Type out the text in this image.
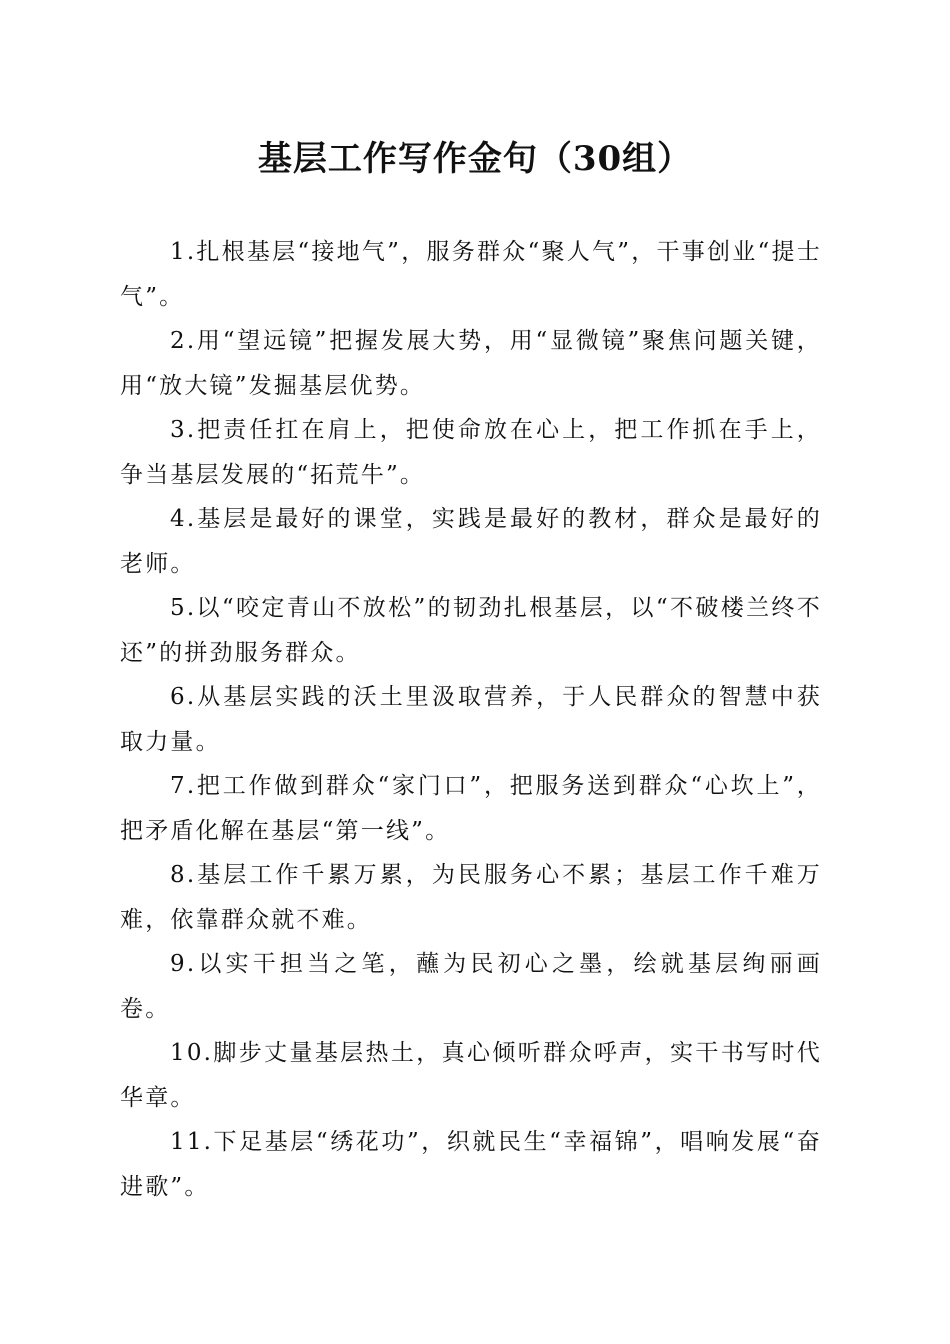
基层工作写作金句（30组）

1.扎根基层“接地气”，服务群众“聚人气”，干事创业“提士气”。

2.用“望远镜”把握发展大势，用“显微镜”聚焦问题关键，用“放大镜”发掘基层优势。

3.把责任扛在肩上，把使命放在心上，把工作抓在手上，争当基层发展的“拓荒牛”。

4.基层是最好的课堂，实践是最好的教材，群众是最好的老师。

5.以“咬定青山不放松”的韧劲扎根基层，以“不破楼兰终不还”的拼劲服务群众。

6.从基层实践的沃土里汲取营养，于人民群众的智慧中获取力量。

7.把工作做到群众“家门口”，把服务送到群众“心坎上”，把矛盾化解在基层“第一线”。

8.基层工作千累万累，为民服务心不累；基层工作千难万难，依靠群众就不难。

9.以实干担当之笔，蘸为民初心之墨，绘就基层绚丽画卷。

10.脚步丈量基层热土，真心倾听群众呼声，实干书写时代华章。

11.下足基层“绣花功”，织就民生“幸福锦”，唱响发展“奋进歌”。
